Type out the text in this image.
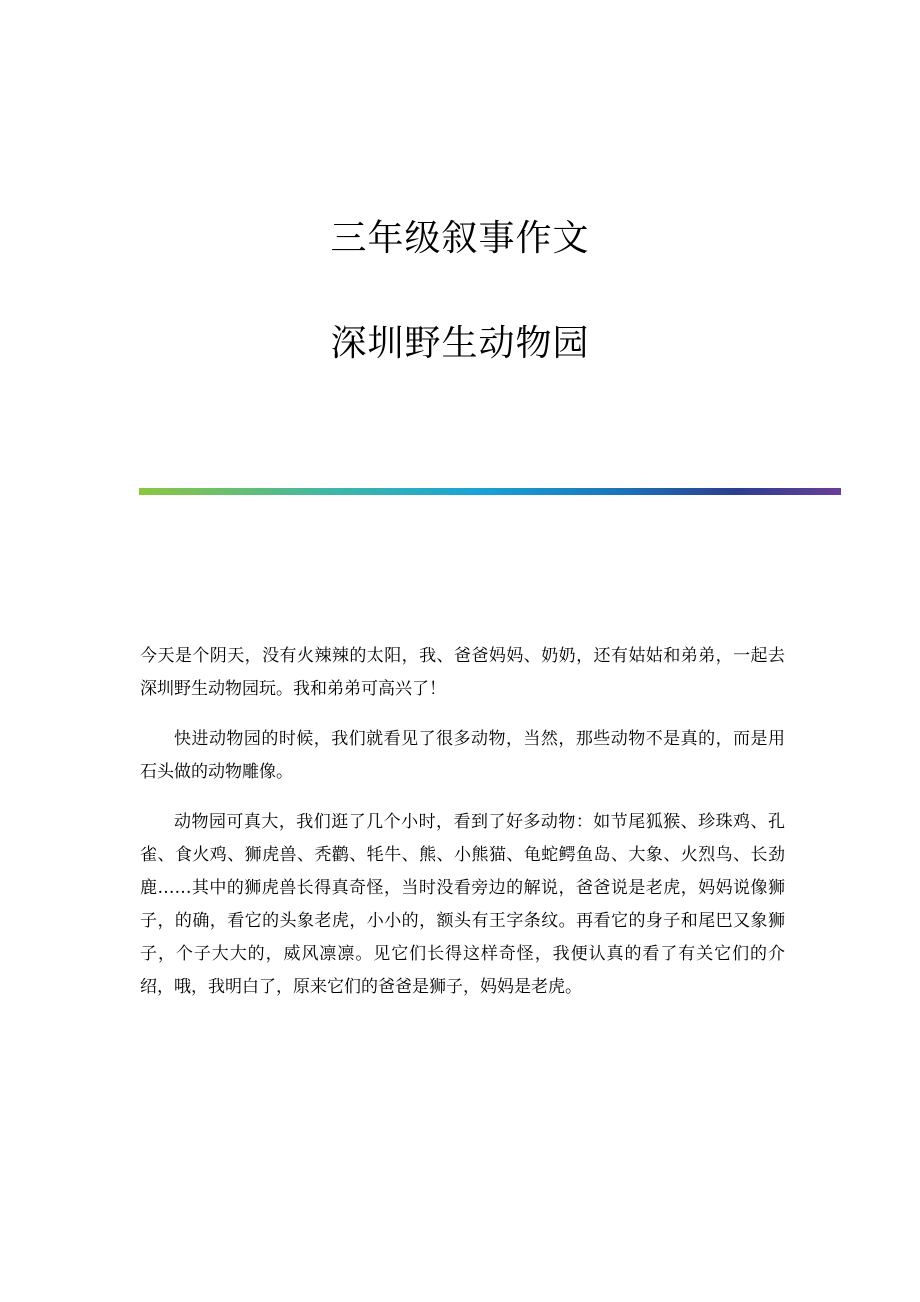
三年级叙事作文
深圳野生动物园

今天是个阴天，没有火辣辣的太阳，我、爸爸妈妈、奶奶，还有姑姑和弟弟，一起去深圳野生动物园玩。我和弟弟可高兴了！

快进动物园的时候，我们就看见了很多动物，当然，那些动物不是真的，而是用石头做的动物雕像。

动物园可真大，我们逛了几个小时，看到了好多动物：如节尾狐猴、珍珠鸡、孔雀、食火鸡、狮虎兽、秃鹳、牦牛、熊、小熊猫、龟蛇鳄鱼岛、大象、火烈鸟、长劲鹿……其中的狮虎兽长得真奇怪，当时没看旁边的解说，爸爸说是老虎，妈妈说像狮子，的确，看它的头象老虎，小小的，额头有王字条纹。再看它的身子和尾巴又象狮子，个子大大的，威风凛凛。见它们长得这样奇怪，我便认真的看了有关它们的介绍，哦，我明白了，原来它们的爸爸是狮子，妈妈是老虎。
